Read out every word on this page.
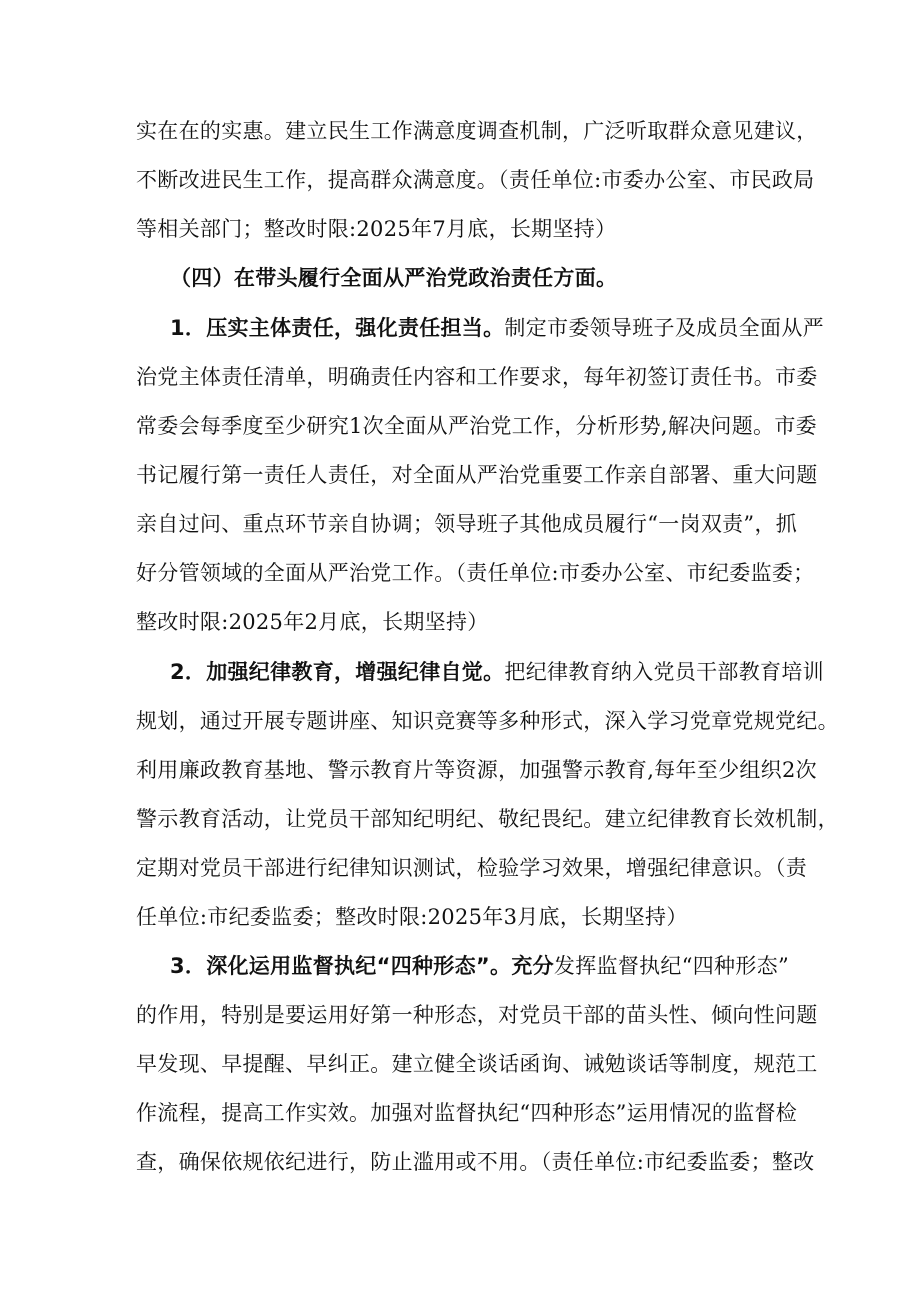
实在在的实惠。建立民生工作满意度调查机制，广泛听取群众意见建议，
不断改进民生工作，提高群众满意度。（责任单位:市委办公室、市民政局
等相关部门；整改时限:2025年7月底，长期坚持）
（四）在带头履行全面从严治党政治责任方面。
1．压实主体责任，强化责任担当。制定市委领导班子及成员全面从严
治党主体责任清单，明确责任内容和工作要求，每年初签订责任书。市委
常委会每季度至少研究1次全面从严治党工作，分析形势,解决问题。市委
书记履行第一责任人责任，对全面从严治党重要工作亲自部署、重大问题
亲自过问、重点环节亲自协调；领导班子其他成员履行“一岗双责”，抓
好分管领域的全面从严治党工作。（责任单位:市委办公室、市纪委监委；
整改时限:2025年2月底，长期坚持）
2．加强纪律教育，增强纪律自觉。把纪律教育纳入党员干部教育培训
规划，通过开展专题讲座、知识竞赛等多种形式，深入学习党章党规党纪。
利用廉政教育基地、警示教育片等资源，加强警示教育,每年至少组织2次
警示教育活动，让党员干部知纪明纪、敬纪畏纪。建立纪律教育长效机制，
定期对党员干部进行纪律知识测试，检验学习效果，增强纪律意识。（责
任单位:市纪委监委；整改时限:2025年3月底，长期坚持）
3．深化运用监督执纪“四种形态”。充分发挥监督执纪“四种形态”
的作用，特别是要运用好第一种形态，对党员干部的苗头性、倾向性问题
早发现、早提醒、早纠正。建立健全谈话函询、诫勉谈话等制度，规范工
作流程，提高工作实效。加强对监督执纪“四种形态”运用情况的监督检
查，确保依规依纪进行，防止滥用或不用。（责任单位:市纪委监委；整改
